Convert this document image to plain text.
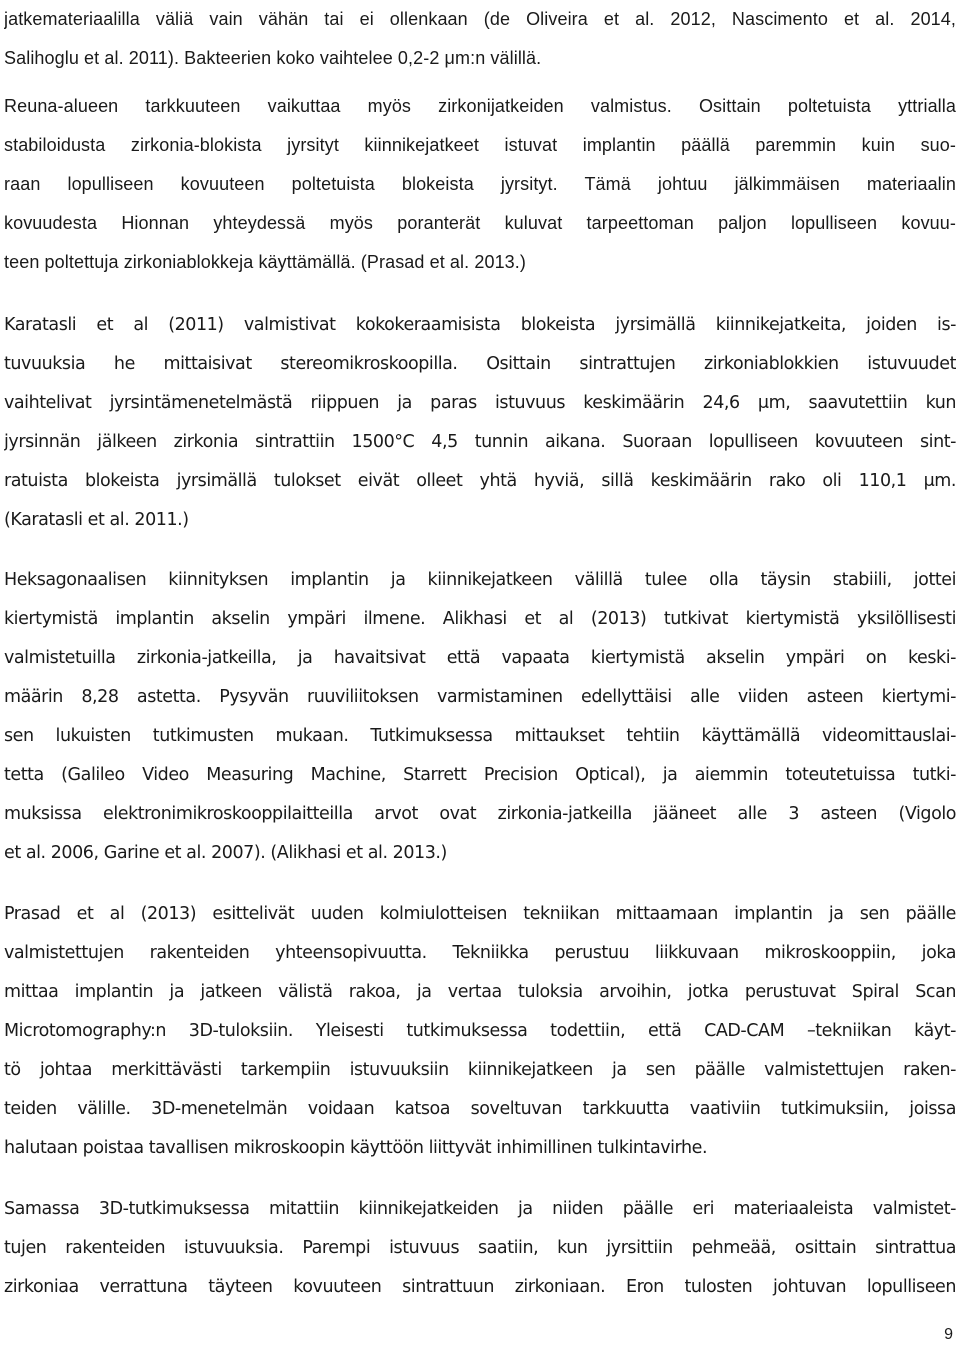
jatkemateriaalilla väliä vain vähän tai ei ollenkaan (de Oliveira et al. 2012, Nascimento et al. 2014,
Salihoglu et al. 2011). Bakteerien koko vaihtelee 0,2-2 μm:n välillä.
Reuna-alueen tarkkuuteen vaikuttaa myös zirkonijatkeiden valmistus. Osittain poltetuista yttrialla
stabiloidusta zirkonia-blokista jyrsityt kiinnikejatkeet istuvat implantin päällä paremmin kuin suo-
raan lopulliseen kovuuteen poltetuista blokeista jyrsityt. Tämä johtuu jälkimmäisen materiaalin
kovuudesta Hionnan yhteydessä myös poranterät kuluvat tarpeettoman paljon lopulliseen kovuu-
teen poltettuja zirkoniablokkeja käyttämällä. (Prasad et al. 2013.)
Karatasli et al (2011) valmistivat kokokeraamisista blokeista jyrsimällä kiinnikejatkeita, joiden is-
tuvuuksia he mittaisivat stereomikroskoopilla. Osittain sintrattujen zirkoniablokkien istuvuudet
vaihtelivat jyrsintämenetelmästä riippuen ja paras istuvuus keskimäärin 24,6 μm, saavutettiin kun
jyrsinnän jälkeen zirkonia sintrattiin 1500°C 4,5 tunnin aikana. Suoraan lopulliseen kovuuteen sint-
ratuista blokeista jyrsimällä tulokset eivät olleet yhtä hyviä, sillä keskimäärin rako oli 110,1 μm.
(Karatasli et al. 2011.)
Heksagonaalisen kiinnityksen implantin ja kiinnikejatkeen välillä tulee olla täysin stabiili, jottei
kiertymistä implantin akselin ympäri ilmene. Alikhasi et al (2013) tutkivat kiertymistä yksilöllisesti
valmistetuilla zirkonia-jatkeilla, ja havaitsivat että vapaata kiertymistä akselin ympäri on keski-
määrin 8,28 astetta. Pysyvän ruuviliitoksen varmistaminen edellyttäisi alle viiden asteen kiertymi-
sen lukuisten tutkimusten mukaan. Tutkimuksessa mittaukset tehtiin käyttämällä videomittauslai-
tetta (Galileo Video Measuring Machine, Starrett Precision Optical), ja aiemmin toteutetuissa tutki-
muksissa elektronimikroskooppilaitteilla arvot ovat zirkonia-jatkeilla jääneet alle 3 asteen (Vigolo
et al. 2006, Garine et al. 2007). (Alikhasi et al. 2013.)
Prasad et al (2013) esittelivät uuden kolmiulotteisen tekniikan mittaamaan implantin ja sen päälle
valmistettujen rakenteiden yhteensopivuutta. Tekniikka perustuu liikkuvaan mikroskooppiin, joka
mittaa implantin ja jatkeen välistä rakoa, ja vertaa tuloksia arvoihin, jotka perustuvat Spiral Scan
Microtomography:n 3D-tuloksiin. Yleisesti tutkimuksessa todettiin, että CAD-CAM –tekniikan käyt-
tö johtaa merkittävästi tarkempiin istuvuuksiin kiinnikejatkeen ja sen päälle valmistettujen raken-
teiden välille. 3D-menetelmän voidaan katsoa soveltuvan tarkkuutta vaativiin tutkimuksiin, joissa
halutaan poistaa tavallisen mikroskoopin käyttöön liittyvät inhimillinen tulkintavirhe.
Samassa 3D-tutkimuksessa mitattiin kiinnikejatkeiden ja niiden päälle eri materiaaleista valmistet-
tujen rakenteiden istuvuuksia. Parempi istuvuus saatiin, kun jyrsittiin pehmeää, osittain sintrattua
zirkoniaa verrattuna täyteen kovuuteen sintrattuun zirkoniaan. Eron tulosten johtuvan lopulliseen
9
